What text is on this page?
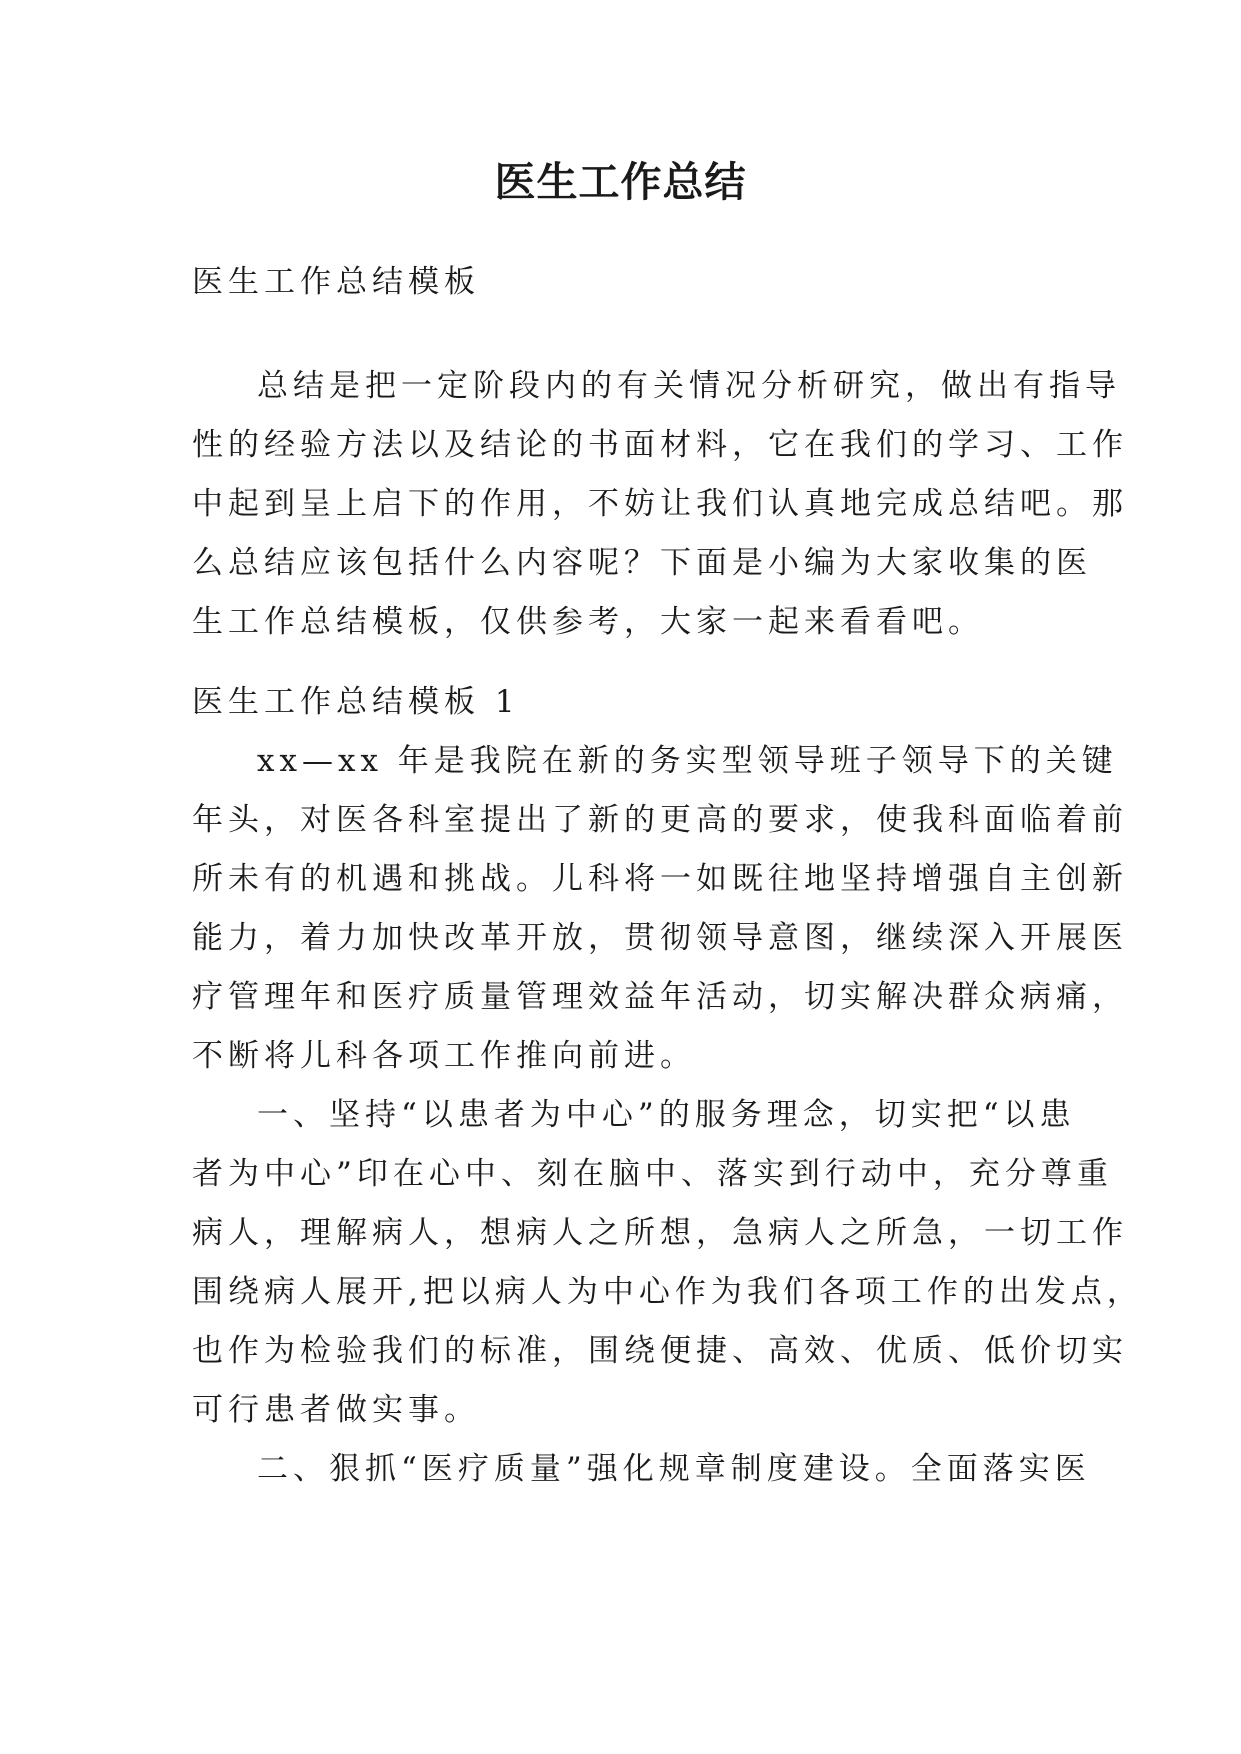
医生工作总结
医生工作总结模板
总结是把一定阶段内的有关情况分析研究，做出有指导
性的经验方法以及结论的书面材料，它在我们的学习、工作
中起到呈上启下的作用，不妨让我们认真地完成总结吧。那
么总结应该包括什么内容呢？下面是小编为大家收集的医
生工作总结模板，仅供参考，大家一起来看看吧。
医生工作总结模板 1
xx—xx 年是我院在新的务实型领导班子领导下的关键
年头，对医各科室提出了新的更高的要求，使我科面临着前
所未有的机遇和挑战。儿科将一如既往地坚持增强自主创新
能力，着力加快改革开放，贯彻领导意图，继续深入开展医
疗管理年和医疗质量管理效益年活动，切实解决群众病痛，
不断将儿科各项工作推向前进。
一、坚持“以患者为中心”的服务理念，切实把“以患
者为中心”印在心中、刻在脑中、落实到行动中，充分尊重
病人，理解病人，想病人之所想，急病人之所急，一切工作
围绕病人展开,把以病人为中心作为我们各项工作的出发点，
也作为检验我们的标准，围绕便捷、高效、优质、低价切实
可行患者做实事。
二、狠抓“医疗质量”强化规章制度建设。全面落实医
